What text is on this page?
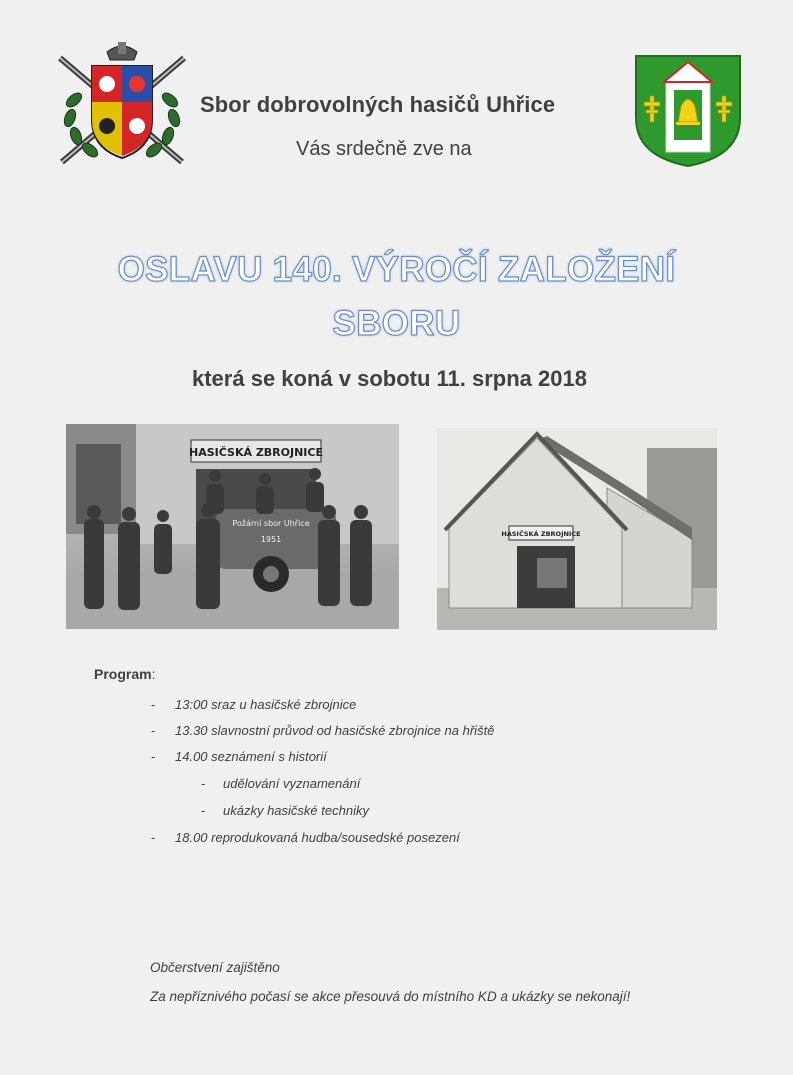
Sbor dobrovolných hasičů Uhřice
Vás srdečně zve na
OSLAVU 140. VÝROČÍ ZALOŽENÍ
SBORU
která se koná v sobotu 11. srpna 2018
HASIČSKÁ ZBROJNICE
Požární sbor Uhřice
1951
HASIČSKÁ ZBROJNICE
Program:
- 13:00 sraz u hasičské zbrojnice
- 13.30 slavnostní průvod od hasičské zbrojnice na hřiště
- 14.00 seznámení s historií
- udělování vyznamenání
- ukázky hasičské techniky
- 18.00 reprodukovaná hudba/sousedské posezení
Občerstvení zajištěno
Za nepříznivého počasí se akce přesouvá do místního KD a ukázky se nekonají!
